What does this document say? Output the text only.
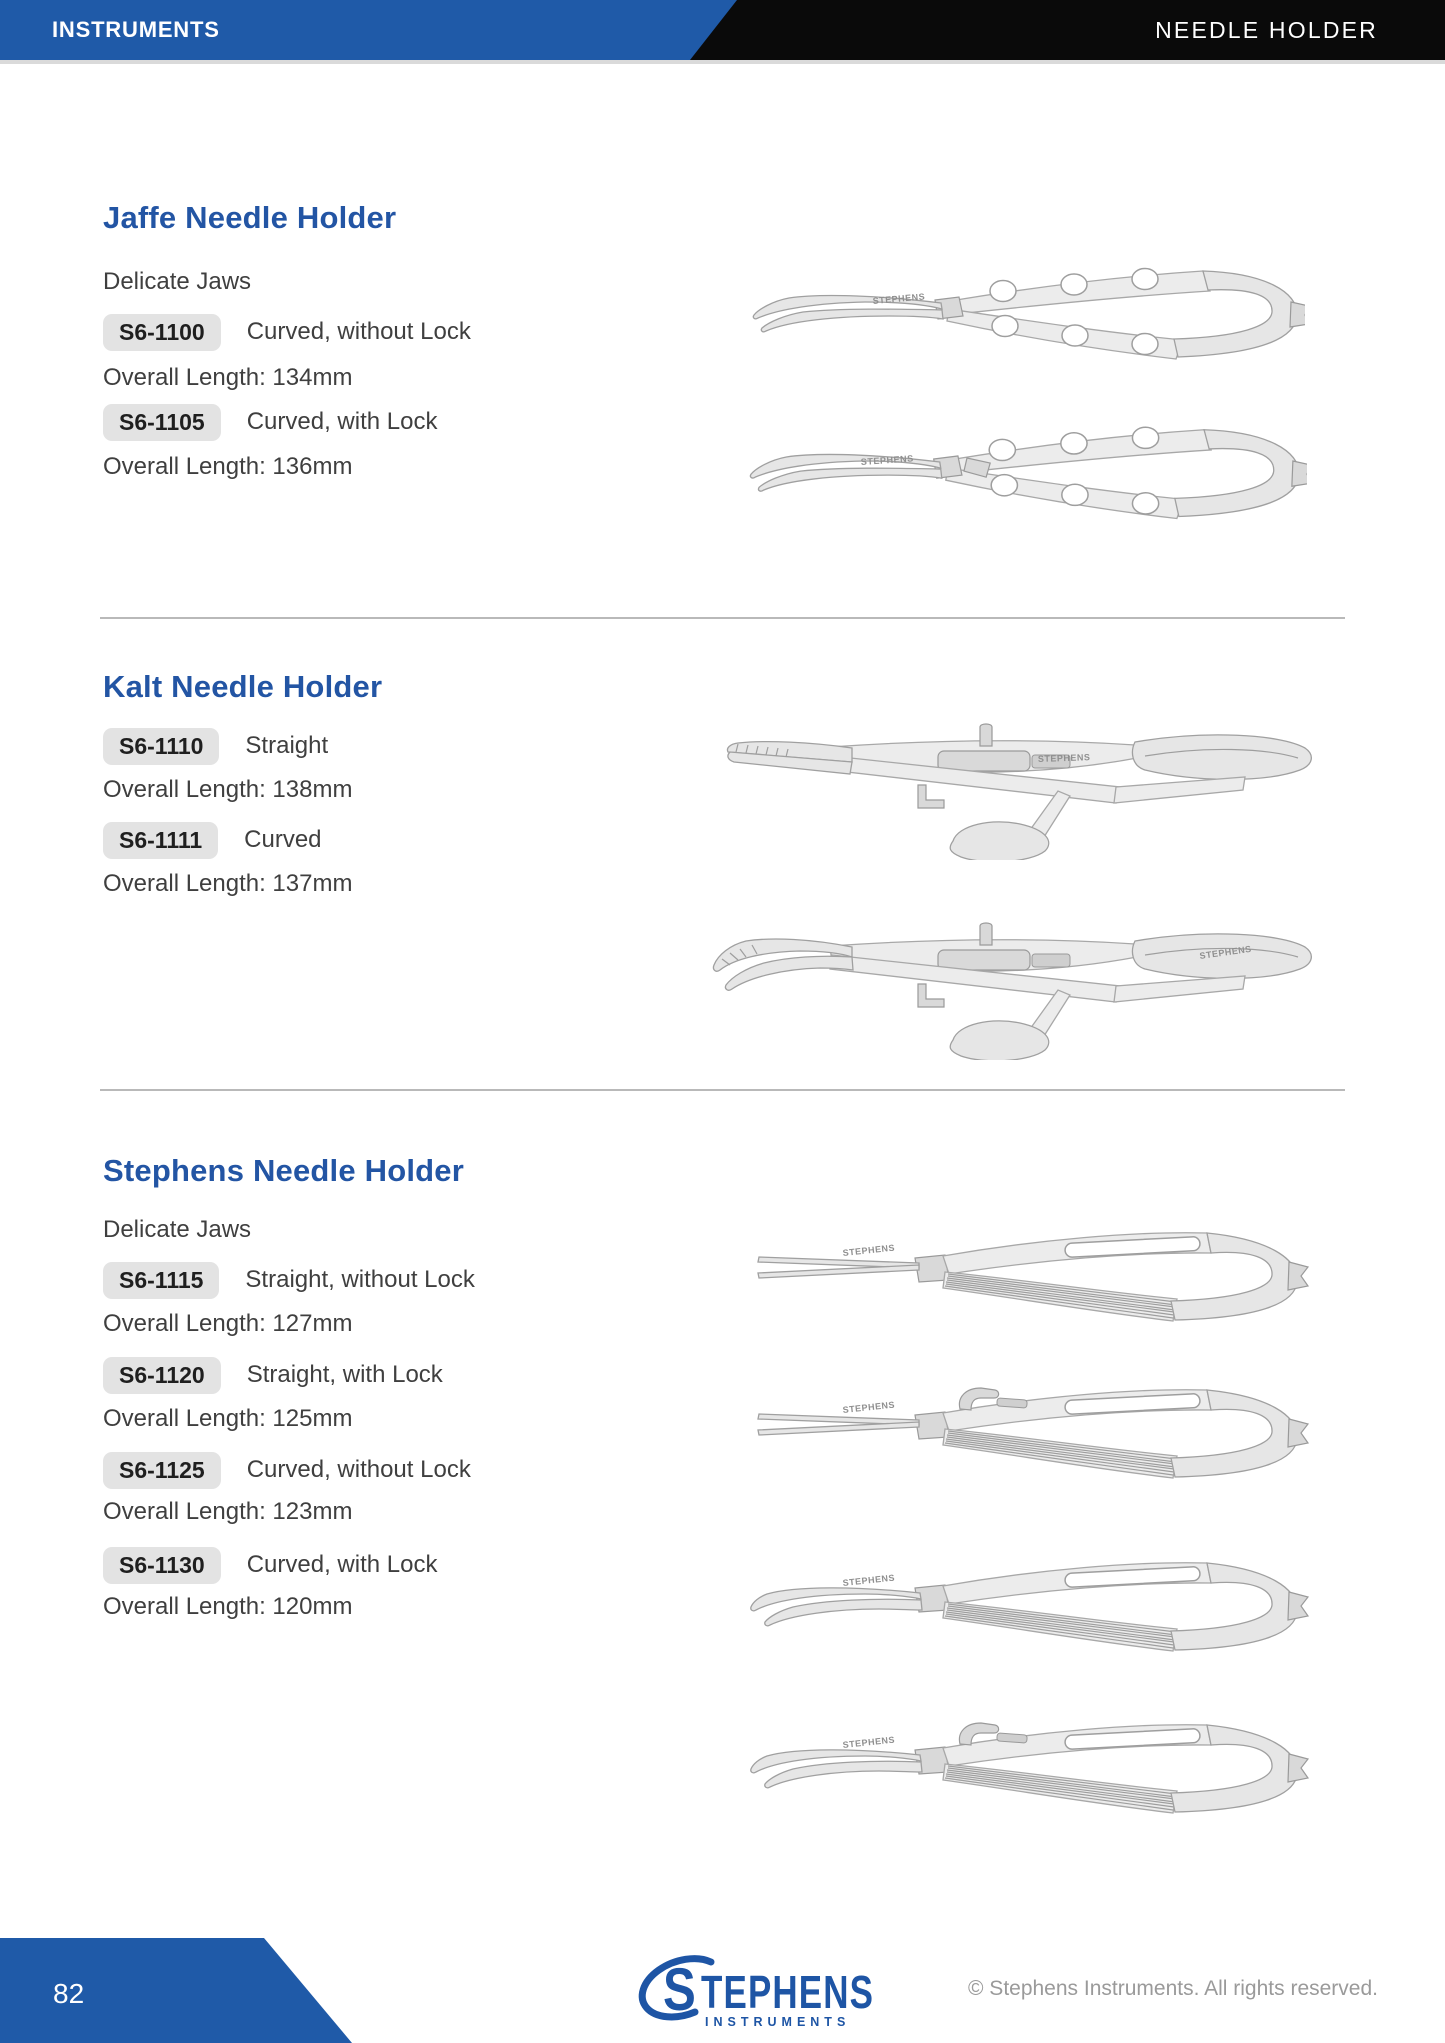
INSTRUMENTS	NEEDLE HOLDER
Jaffe Needle Holder
Delicate Jaws
S6-1100	Curved, without Lock
Overall Length: 134mm
S6-1105	Curved, with Lock
Overall Length: 136mm
STEPHENS
STEPHENS
Kalt Needle Holder
S6-1110	Straight
Overall Length: 138mm
S6-1111	Curved
Overall Length: 137mm
STEPHENS
STEPHENS
Stephens Needle Holder
Delicate Jaws
S6-1115	Straight, without Lock
Overall Length: 127mm
S6-1120	Straight, with Lock
Overall Length: 125mm
S6-1125	Curved, without Lock
Overall Length: 123mm
S6-1130	Curved, with Lock
Overall Length: 120mm
STEPHENS
STEPHENS
STEPHENS
STEPHENS
82	S TEPHENS
INSTRUMENTS
© Stephens Instruments. All rights reserved.
